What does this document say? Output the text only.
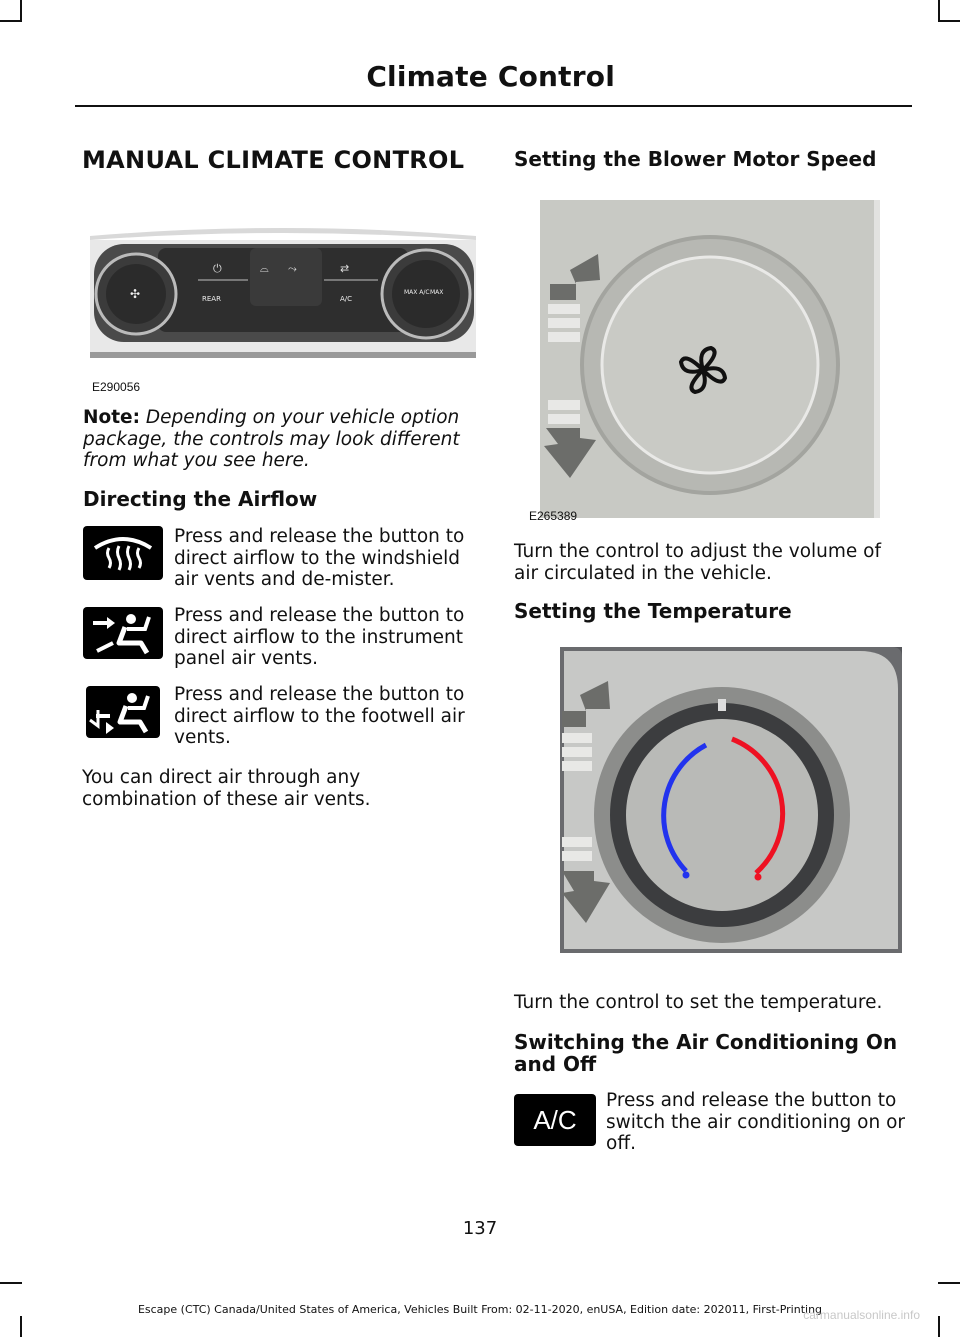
Climate Control
MANUAL CLIMATE CONTROL
⏻	⌓ ⤳	⇄
REAR	A/C
✣	MAX A/C MAX
E290056

Note: Depending on your vehicle option package, the controls may look different from what you see here.

Directing the Airflow

Press and release the button to direct airflow to the windshield air vents and de-mister.

Press and release the button to direct airflow to the instrument panel air vents.

Press and release the button to direct airflow to the footwell air vents.

You can direct air through any combination of these air vents.

Setting the Blower Motor Speed
E265389

Turn the control to adjust the volume of air circulated in the vehicle.

Setting the Temperature

Turn the control to set the temperature.

Switching the Air Conditioning On and Off
A/C

Press and release the button to switch the air conditioning on or off.

137
Escape (CTC) Canada/United States of America, Vehicles Built From: 02-11-2020, enUSA, Edition date: 202011, First-Printing
carmanualsonline.info
